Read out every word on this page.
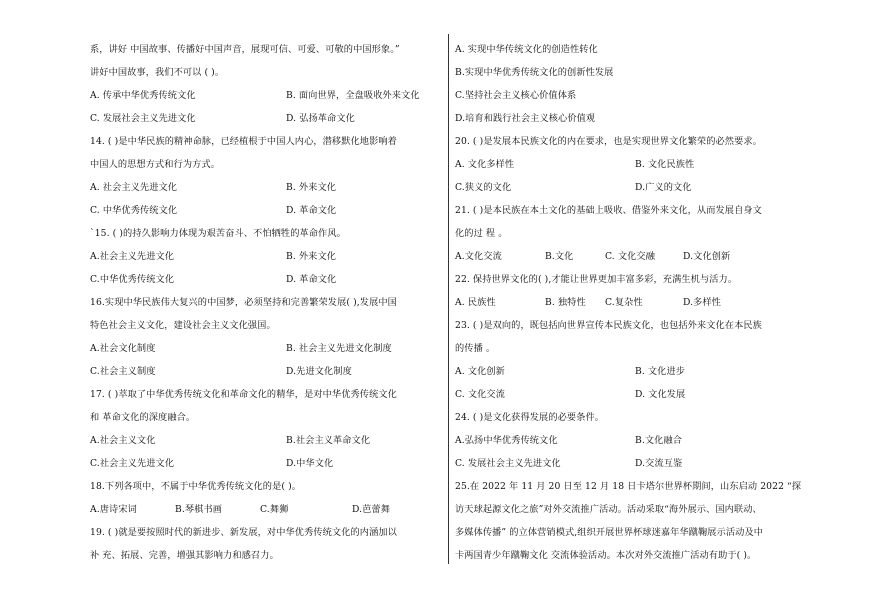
系，讲好 中国故事、传播好中国声音，展现可信、可爱、可敬的中国形象。”
讲好中国故事，我们不可以 ( )。
A. 传承中华优秀传统文化	B. 面向世界，全盘吸收外来文化
C. 发展社会主义先进文化	D. 弘扬革命文化
14. ( )是中华民族的精神命脉，已经植根于中国人内心，潜移默化地影响着
中国人的思想方式和行为方式。
A. 社会主义先进文化	B. 外来文化
C. 中华优秀传统文化	D. 革命文化
`15. ( )的持久影响力体现为艰苦奋斗、不怕牺牲的革命作风。
A.社会主义先进文化	B. 外来文化
C.中华优秀传统文化	D. 革命文化
16.实现中华民族伟大复兴的中国梦，必须坚持和完善繁荣发展( ),发展中国
特色社会主义文化，建设社会主义文化强国。
A.社会文化制度	B. 社会主义先进文化制度
C.社会主义制度	D.先进文化制度
17. ( )萃取了中华优秀传统文化和革命文化的精华，是对中华优秀传统文化
和 革命文化的深度融合。
A.社会主义文化	B.社会主义革命文化
C.社会主义先进文化	D.中华文化
18.下列各项中，不属于中华优秀传统文化的是( )。
A.唐诗宋词	B.琴棋书画	C.舞狮	D.芭蕾舞
19. ( )就是要按照时代的新进步、新发展，对中华优秀传统文化的内涵加以
补 充、拓展、完善，增强其影响力和感召力。
A. 实现中华传统文化的创造性转化
B.实现中华优秀传统文化的创新性发展
C.坚持社会主义核心价值体系
D.培育和践行社会主义核心价值观
20. ( )是发展本民族文化的内在要求，也是实现世界文化繁荣的必然要求。
A. 文化多样性	B. 文化民族性
C.狭义的文化	D.广义的文化
21. ( )是本民族在本土文化的基础上吸收、借鉴外来文化，从而发展自身文
化的过 程 。
A.文化交流	B.文化	C. 文化交融	D.文化创新
22. 保持世界文化的( ),才能让世界更加丰富多彩，充满生机与活力。
A. 民族性	B. 独特性 C.复杂性	D.多样性
23. ( )是双向的，既包括向世界宣传本民族文化，也包括外来文化在本民族
的传播 。
A. 文化创新	B. 文化进步
C. 文化交流	D. 文化发展
24. ( )是文化获得发展的必要条件。
A.弘扬中华优秀传统文化	B.文化融合
C. 发展社会主义先进文化	D.交流互鉴
25.在 2022 年 11 月 20 日至 12 月 18 日卡塔尔世界杯期间，山东启动 2022 “探
访天球起源文化之旅”对外交流推广活动。活动采取“海外展示、国内联动、
多媒体传播” 的立体营销模式,组织开展世界杯球迷嘉年华蹴鞠展示活动及中
卡两国青少年蹴鞠文化 交流体验活动。本次对外交流推广活动有助于( )。
